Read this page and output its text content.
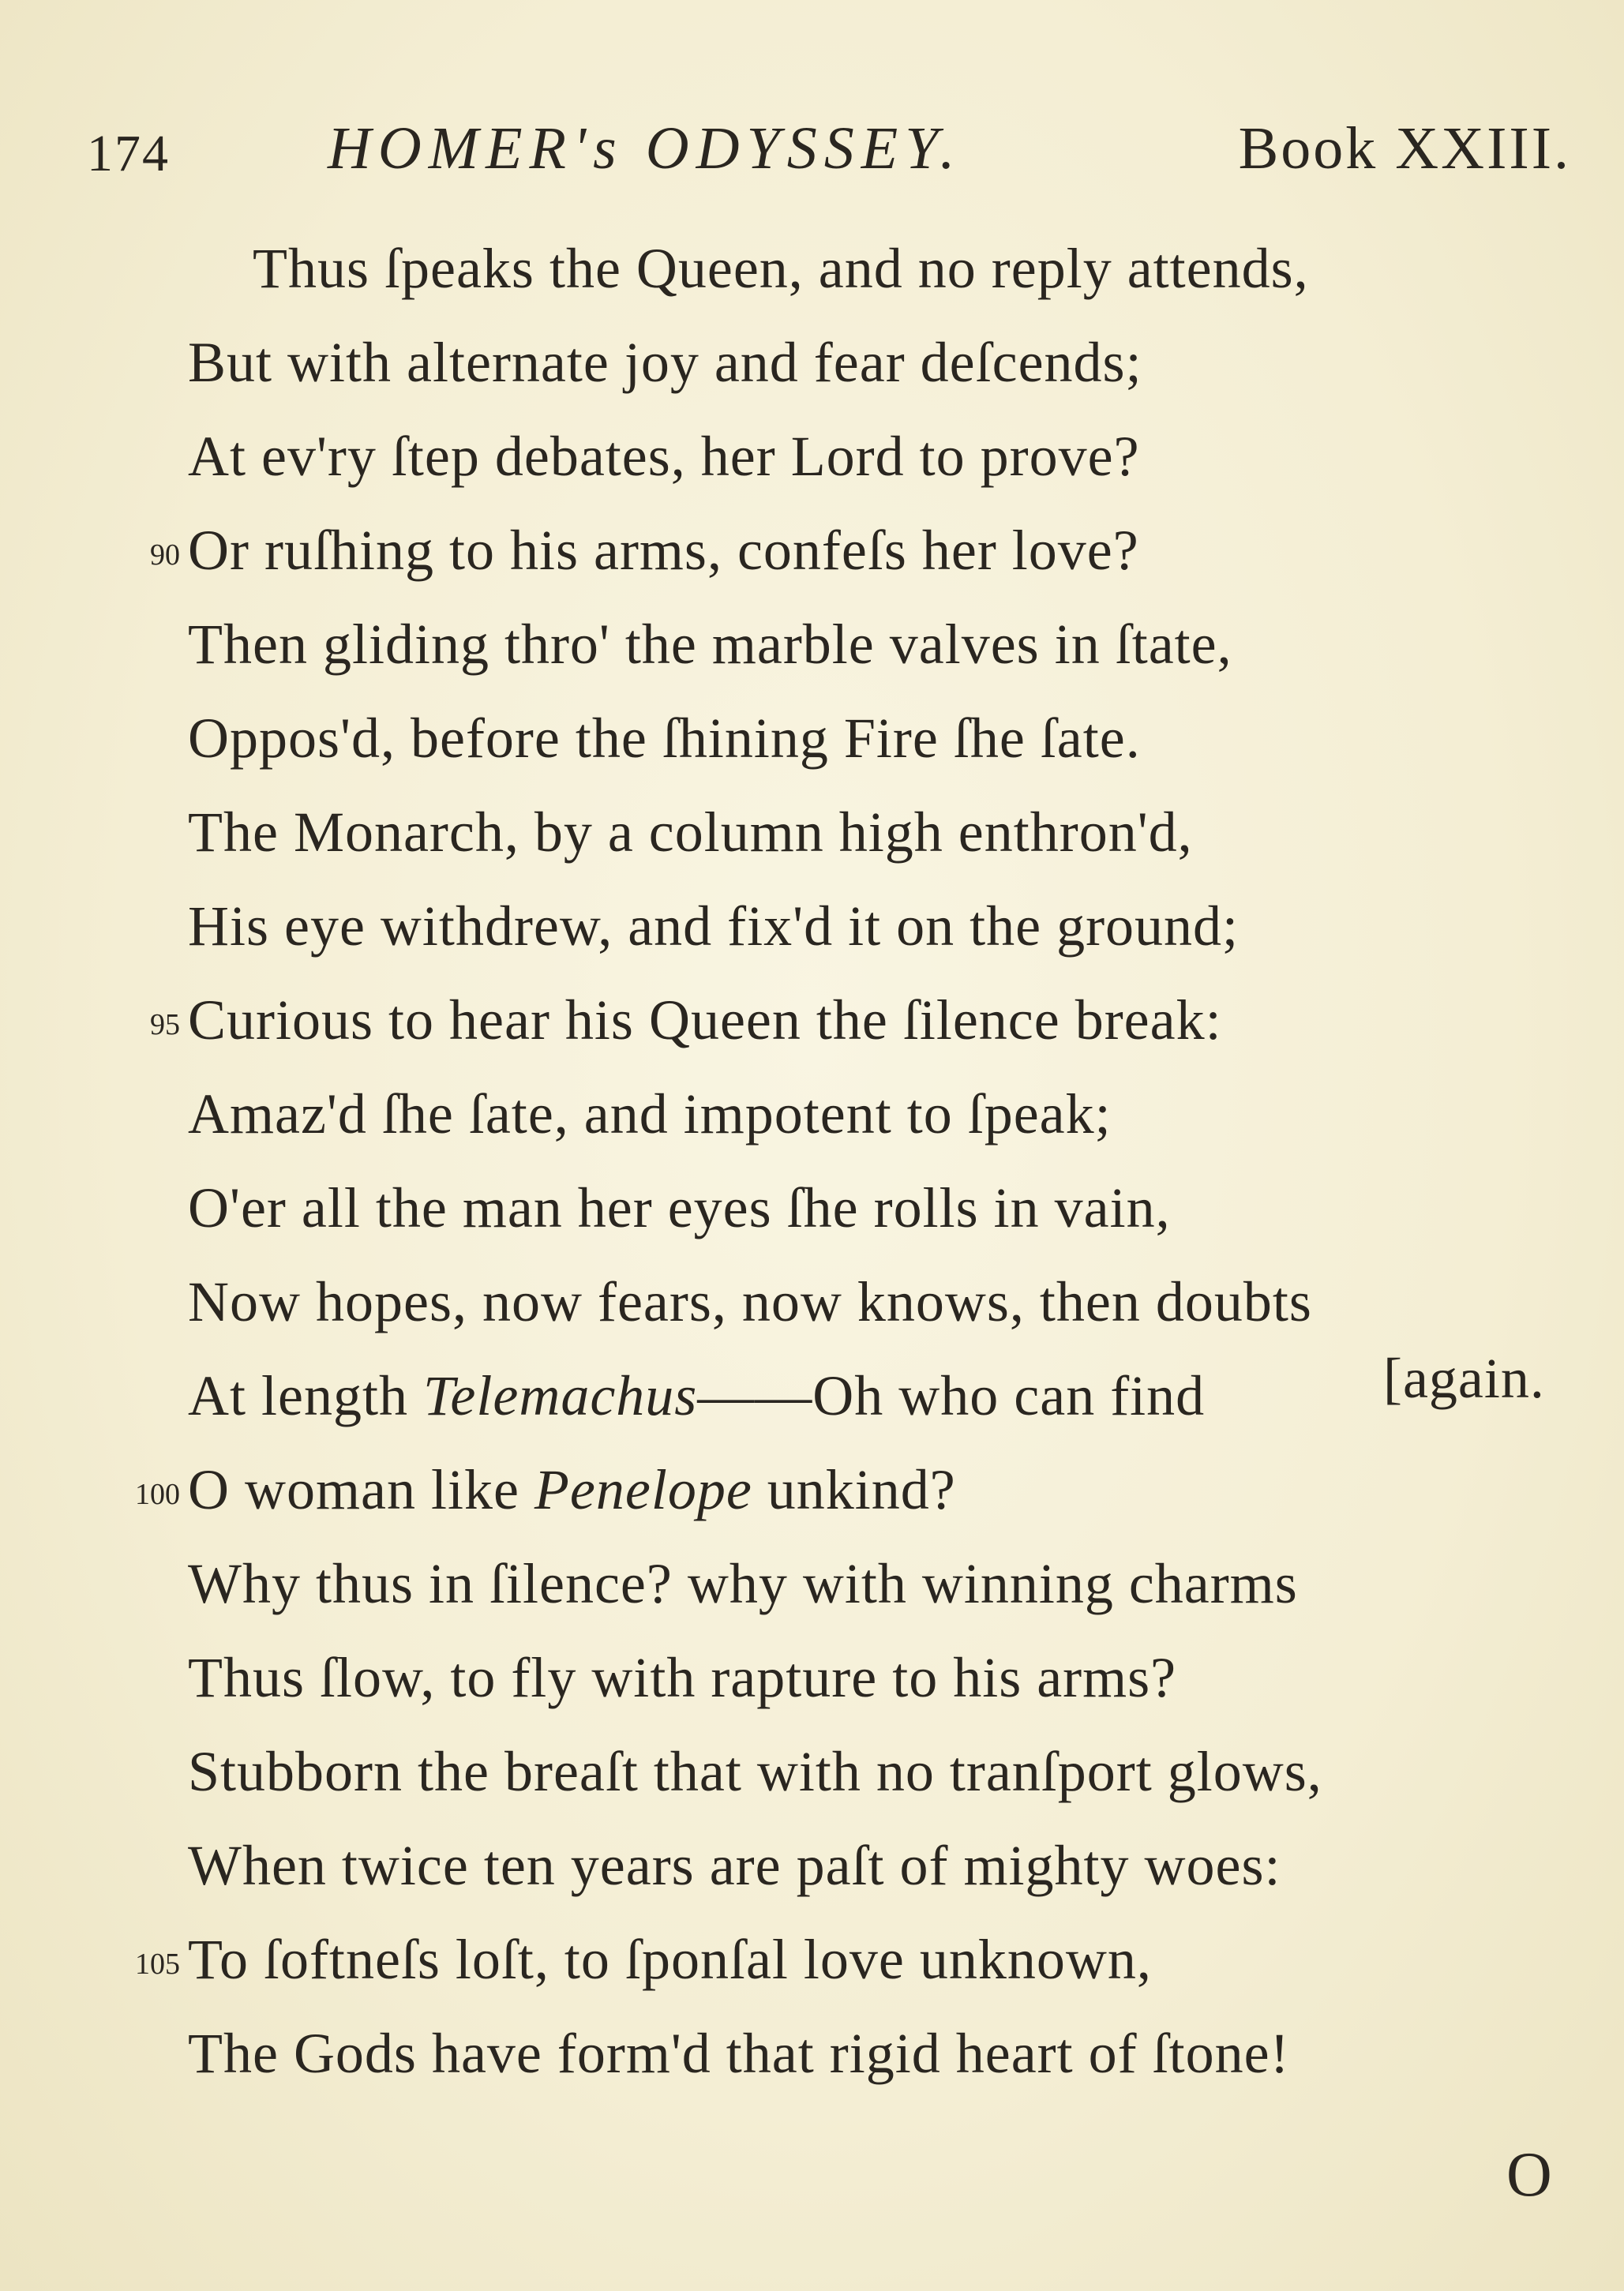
174	HOMER's ODYSSEY.	Book XXIII.
Thus ſpeaks the Queen, and no reply attends,
But with alternate joy and fear deſcends;
At ev'ry ſtep debates, her Lord to prove?
90 Or ruſhing to his arms, confeſs her love?
Then gliding thro' the marble valves in ſtate,
Oppos'd, before the ſhining Fire ſhe ſate.
The Monarch, by a column high enthron'd,
His eye withdrew, and fix'd it on the ground;
95 Curious to hear his Queen the ſilence break:
Amaz'd ſhe ſate, and impotent to ſpeak;
O'er all the man her eyes ſhe rolls in vain,
Now hopes, now fears, now knows, then doubts
At length Telemachus——Oh who can find	[again.
100 O woman like Penelope unkind?
Why thus in ſilence? why with winning charms
Thus ſlow, to fly with rapture to his arms?
Stubborn the breaſt that with no tranſport glows,
When twice ten years are paſt of mighty woes:
105 To ſoftneſs loſt, to ſponſal love unknown,
The Gods have form'd that rigid heart of ſtone!
O
